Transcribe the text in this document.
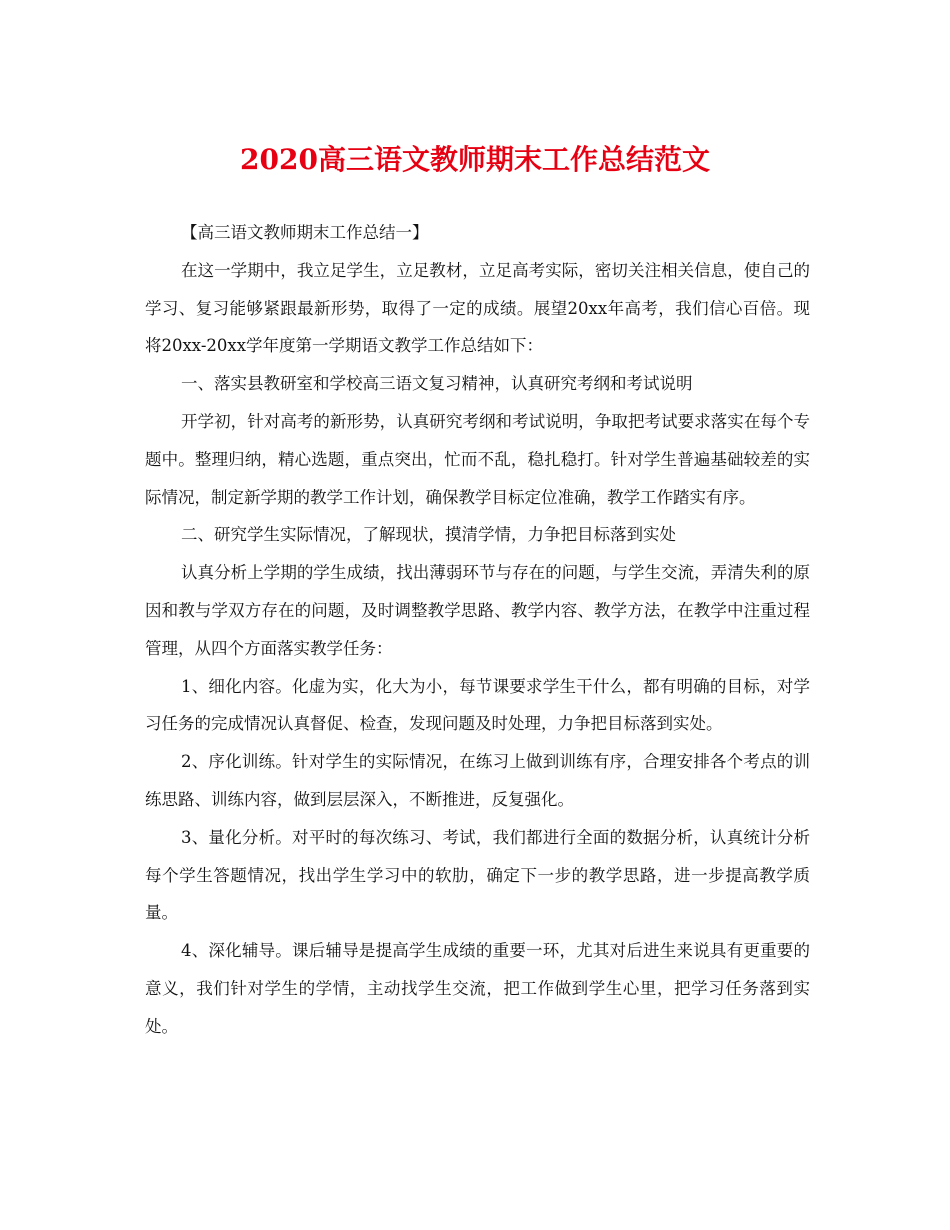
2020高三语文教师期末工作总结范文

【高三语文教师期末工作总结一】

在这一学期中，我立足学生，立足教材，立足高考实际，密切关注相关信息，使自己的学习、复习能够紧跟最新形势，取得了一定的成绩。展望20xx年高考，我们信心百倍。现将20xx-20xx学年度第一学期语文教学工作总结如下：

一、落实县教研室和学校高三语文复习精神，认真研究考纲和考试说明

开学初，针对高考的新形势，认真研究考纲和考试说明，争取把考试要求落实在每个专题中。整理归纳，精心选题，重点突出，忙而不乱，稳扎稳打。针对学生普遍基础较差的实际情况，制定新学期的教学工作计划，确保教学目标定位准确，教学工作踏实有序。

二、研究学生实际情况，了解现状，摸清学情，力争把目标落到实处

认真分析上学期的学生成绩，找出薄弱环节与存在的问题，与学生交流，弄清失利的原因和教与学双方存在的问题，及时调整教学思路、教学内容、教学方法，在教学中注重过程管理，从四个方面落实教学任务：

1、细化内容。化虚为实，化大为小，每节课要求学生干什么，都有明确的目标，对学习任务的完成情况认真督促、检查，发现问题及时处理，力争把目标落到实处。

2、序化训练。针对学生的实际情况，在练习上做到训练有序，合理安排各个考点的训练思路、训练内容，做到层层深入，不断推进，反复强化。

3、量化分析。对平时的每次练习、考试，我们都进行全面的数据分析，认真统计分析每个学生答题情况，找出学生学习中的软肋，确定下一步的教学思路，进一步提高教学质量。

4、深化辅导。课后辅导是提高学生成绩的重要一环，尤其对后进生来说具有更重要的意义，我们针对学生的学情，主动找学生交流，把工作做到学生心里，把学习任务落到实处。
